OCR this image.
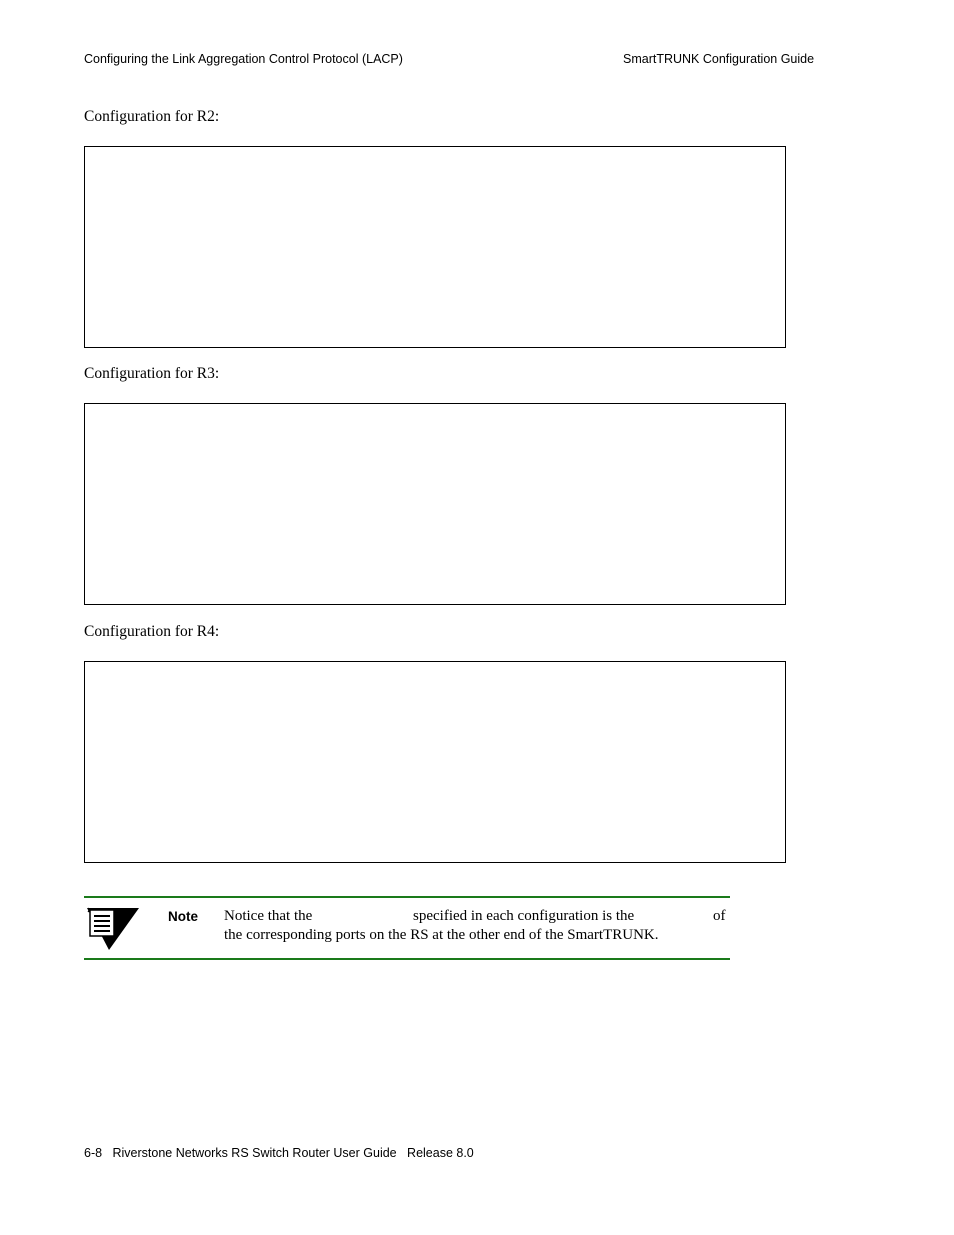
Configuring the Link Aggregation Control Protocol (LACP)	SmartTRUNK Configuration Guide
Configuration for R2:
Configuration for R3:
Configuration for R4:
Note Notice that the	specified in each configuration is the	of
the corresponding ports on the RS at the other end of the SmartTRUNK.
6-8 Riverstone Networks RS Switch Router User Guide Release 8.0
